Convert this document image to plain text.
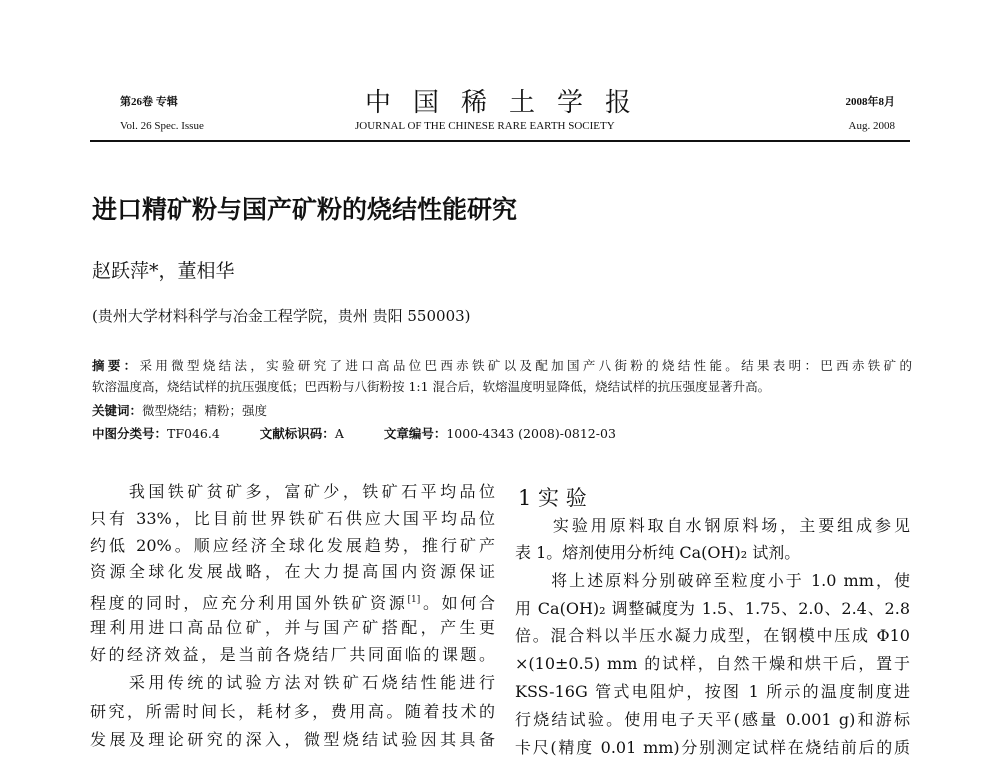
第26卷 专辑	中国稀土学报	2008年8月
Vol. 26 Spec. Issue	JOURNAL OF THE CHINESE RARE EARTH SOCIETY	Aug. 2008
进口精矿粉与国产矿粉的烧结性能研究
赵跃萍*，董相华
(贵州大学材料科学与冶金工程学院，贵州 贵阳 550003)
摘要：采用微型烧结法，实验研究了进口高品位巴西赤铁矿以及配加国产八街粉的烧结性能。结果表明：巴西赤铁矿的
软溶温度高，烧结试样的抗压强度低；巴西粉与八街粉按 1:1 混合后，软熔温度明显降低，烧结试样的抗压强度显著升高。
关键词：微型烧结；精粉；强度
中图分类号：TF046.4	文献标识码：A	文章编号：1000-4343 (2008)-0812-03
1 实 验
　　我国铁矿贫矿多，富矿少，铁矿石平均品位
只有 33%，比目前世界铁矿石供应大国平均品位
约低 20%。顺应经济全球化发展趋势，推行矿产
资源全球化发展战略，在大力提高国内资源保证
程度的同时，应充分利用国外铁矿资源[1]。如何合
理利用进口高品位矿，并与国产矿搭配，产生更
好的经济效益，是当前各烧结厂共同面临的课题。
　　采用传统的试验方法对铁矿石烧结性能进行
研究，所需时间长，耗材多，费用高。随着技术的
发展及理论研究的深入，微型烧结试验因其具备
　　实验用原料取自水钢原料场，主要组成参见
表 1。熔剂使用分析纯 Ca(OH)₂ 试剂。
　　将上述原料分别破碎至粒度小于 1.0 mm，使
用 Ca(OH)₂ 调整碱度为 1.5、1.75、2.0、2.4、2.8
倍。混合料以半压水凝力成型，在钢模中压成 Φ10
×(10±0.5) mm 的试样，自然干燥和烘干后，置于
KSS-16G 管式电阻炉，按图 1 所示的温度制度进
行烧结试验。使用电子天平(感量 0.001 g)和游标
卡尺(精度 0.01 mm)分别测定试样在烧结前后的质
